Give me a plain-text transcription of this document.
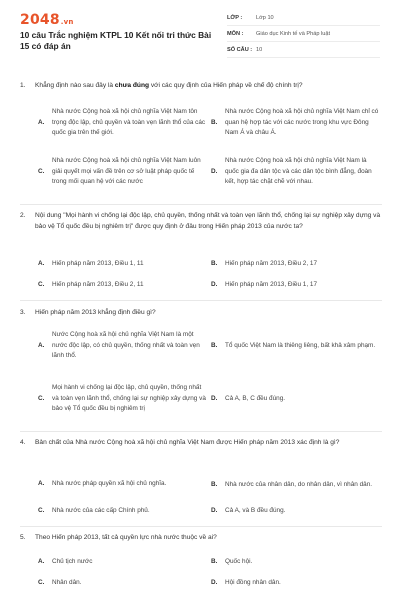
2048.vn
10 câu Trắc nghiệm KTPL 10 Kết nối tri thức Bài 15 có đáp án
LỚP :	Lớp 10
MÔN :	Giáo dục Kinh tế và Pháp luật
SỐ CÂU : 10
1.	Khẳng định nào sau đây là chưa đúng với các quy định của Hiến pháp về chế độ chính trị?
A.
Nhà nước Cộng hoà xã hội chủ nghĩa Việt Nam tôn trọng độc lập, chủ quyền và toàn vẹn lãnh thổ của các quốc gia trên thế giới.
B.
Nhà nước Cộng hoà xã hội chủ nghĩa Việt Nam chỉ có quan hệ hợp tác với các nước trong khu vực Đông Nam Á và châu Á.
C.
Nhà nước Cộng hoà xã hội chủ nghĩa Việt Nam luôn giải quyết mọi vấn đề trên cơ sở luật pháp quốc tế trong mối quan hệ với các nước
D.
Nhà nước Cộng hoà xã hội chủ nghĩa Việt Nam là quốc gia đa dân tộc và các dân tộc bình đẳng, đoàn kết, hợp tác chặt chẽ với nhau.
2.	Nội dung "Mọi hành vi chống lại độc lập, chủ quyền, thống nhất và toàn vẹn lãnh thổ, chống lại sự nghiệp xây dựng và bảo vệ Tổ quốc đều bị nghiêm trị" được quy định ở đâu trong Hiến pháp 2013 của nước ta?
A.	Hiến pháp năm 2013, Điều 1, 11	B.	Hiến pháp năm 2013, Điều 2, 17
C.	Hiến pháp năm 2013, Điều 2, 11	D.	Hiến pháp năm 2013, Điều 1, 17
3.	Hiến pháp năm 2013 khẳng định điều gì?
A.
Nước Cộng hoà xã hội chủ nghĩa Việt Nam là một nước độc lập, có chủ quyền, thống nhất và toàn vẹn lãnh thổ.
B.	Tổ quốc Việt Nam là thiêng liêng, bất khả xâm phạm.
C.
Mọi hành vi chống lại độc lập, chủ quyền, thống nhất và toàn vẹn lãnh thổ, chống lại sự nghiệp xây dựng và bảo vệ Tổ quốc đều bị nghiêm trị
D.	Cả A, B, C đều đúng.
4.	Bản chất của Nhà nước Cộng hoà xã hội chủ nghĩa Việt Nam được Hiến pháp năm 2013 xác định là gì?
A.	Nhà nước pháp quyền xã hội chủ nghĩa.	B.	Nhà nước của nhân dân, do nhân dân, vì nhân dân.
C.	Nhà nước của các cấp Chính phủ.	D.	Cả A, và B đều đúng.
5.	Theo Hiến pháp 2013, tất cả quyền lực nhà nước thuộc về ai?
A.	Chủ tịch nước	B.	Quốc hội.
C.	Nhân dân.	D.	Hội đồng nhân dân.
